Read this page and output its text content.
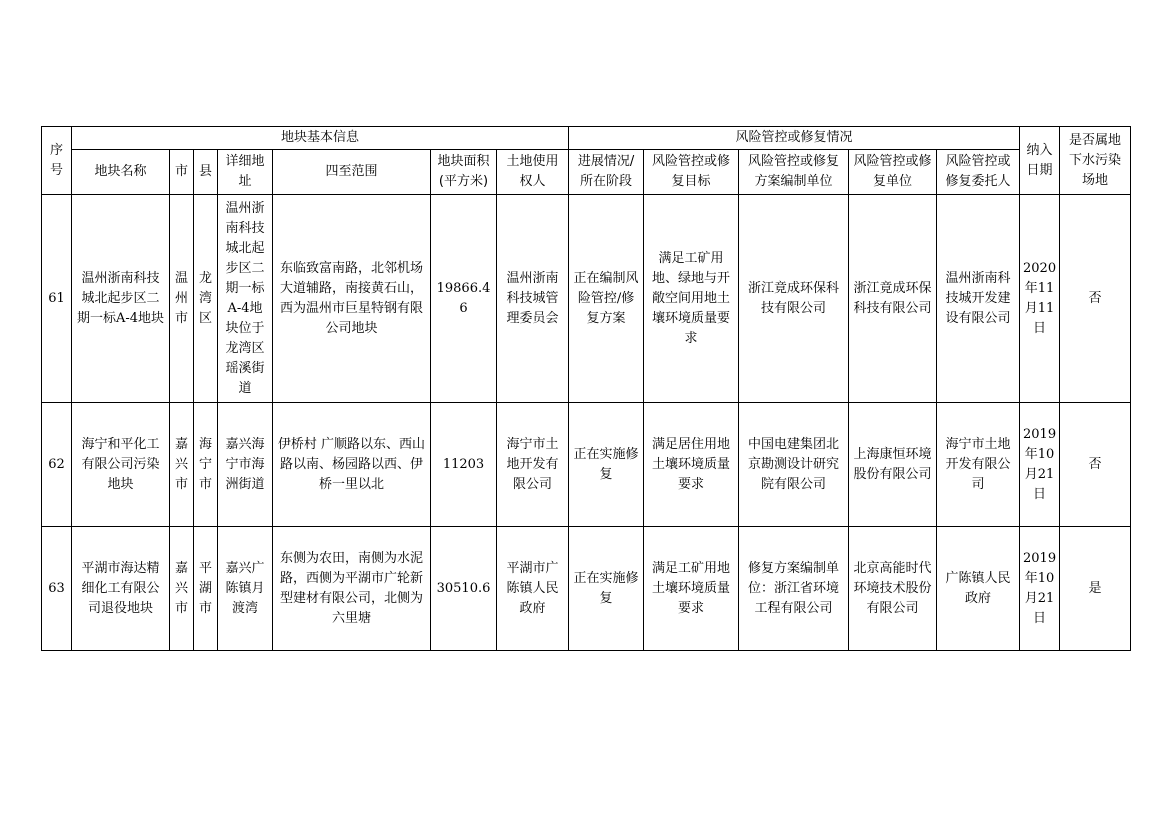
序号	地块基本信息							风险管控或修复情况					纳入日期	是否属地下水污染场地
	地块名称	市	县	详细地址	四至范围	地块面积(平方米)	土地使用权人	进展情况/所在阶段	风险管控或修复目标	风险管控或修复方案编制单位	风险管控或修复单位	风险管控或修复委托人		
61	温州浙南科技城北起步区二期一标A-4地块	温州市	龙湾区	温州浙南科技城北起步区二期一标A-4地块位于龙湾区瑶溪街道	东临致富南路，北邻机场大道辅路，南接黄石山，西为温州市巨星特钢有限公司地块	19866.46	温州浙南科技城管理委员会	正在编制风险管控/修复方案	满足工矿用地、绿地与开敞空间用地土壤环境质量要求	浙江竟成环保科技有限公司	浙江竟成环保科技有限公司	温州浙南科技城开发建设有限公司	2020年11月11日	否
62	海宁和平化工有限公司污染地块	嘉兴市	海宁市	嘉兴海宁市海洲街道	伊桥村 广顺路以东、西山路以南、杨园路以西、伊桥一里以北	11203	海宁市土地开发有限公司	正在实施修复	满足居住用地土壤环境质量要求	中国电建集团北京勘测设计研究院有限公司	上海康恒环境股份有限公司	海宁市土地开发有限公司	2019年10月21日	否
63	平湖市海达精细化工有限公司退役地块	嘉兴市	平湖市	嘉兴广陈镇月渡湾	东侧为农田，南侧为水泥路，西侧为平湖市广轮新型建材有限公司，北侧为六里塘	30510.6	平湖市广陈镇人民政府	正在实施修复	满足工矿用地土壤环境质量要求	修复方案编制单位：浙江省环境工程有限公司	北京高能时代环境技术股份有限公司	广陈镇人民政府	2019年10月21日	是
